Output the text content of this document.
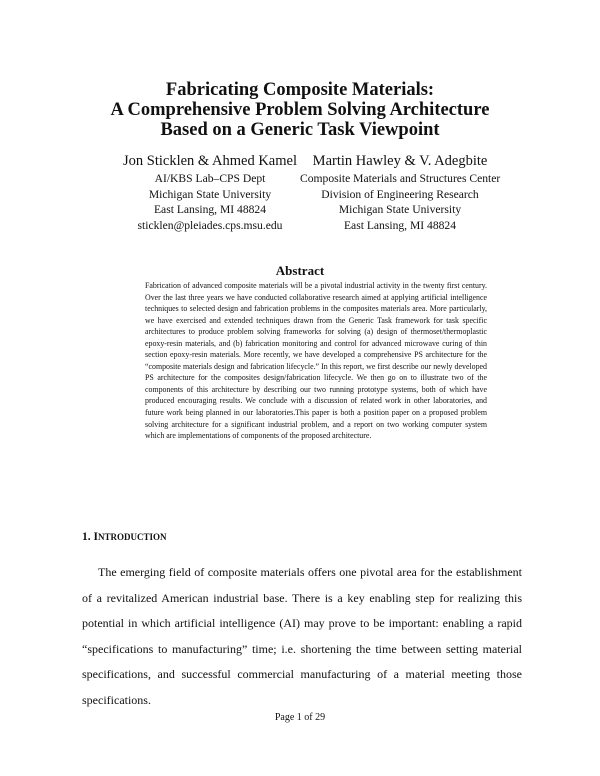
Fabricating Composite Materials:
A Comprehensive Problem Solving Architecture
Based on a Generic Task Viewpoint
Jon Sticklen & Ahmed Kamel
AI/KBS Lab–CPS Dept
Michigan State University
East Lansing, MI 48824
sticklen@pleiades.cps.msu.edu
Martin Hawley & V. Adegbite
Composite Materials and Structures Center
Division of Engineering Research
Michigan State University
East Lansing, MI 48824
Abstract

Fabrication of advanced composite materials will be a pivotal industrial activity in the twenty first century. Over the last three years we have conducted collaborative research aimed at applying artificial intelligence techniques to selected design and fabrication problems in the composites materials area. More particularly, we have exercised and extended techniques drawn from the Generic Task framework for task specific architectures to produce problem solving frameworks for solving (a) design of thermoset/thermoplastic epoxy-resin materials, and (b) fabrication monitoring and control for advanced microwave curing of thin section epoxy-resin materials. More recently, we have developed a comprehensive PS architecture for the “composite materials design and fabrication lifecycle.” In this report, we first describe our newly developed PS architecture for the composites design/fabrication lifecycle. We then go on to illustrate two of the components of this architecture by describing our two running prototype systems, both of which have produced encouraging results. We conclude with a discussion of related work in other laboratories, and future work being planned in our laboratories.This paper is both a position paper on a proposed problem solving architecture for a significant industrial problem, and a report on two working computer system which are implementations of components of the proposed architecture.

1. INTRODUCTION

The emerging field of composite materials offers one pivotal area for the establishment of a revitalized American industrial base. There is a key enabling step for realizing this potential in which artificial intelligence (AI) may prove to be important: enabling a rapid “specifications to manufacturing” time; i.e. shortening the time between setting material specifications, and successful commercial manufacturing of a material meeting those specifications.

Page 1 of 29
